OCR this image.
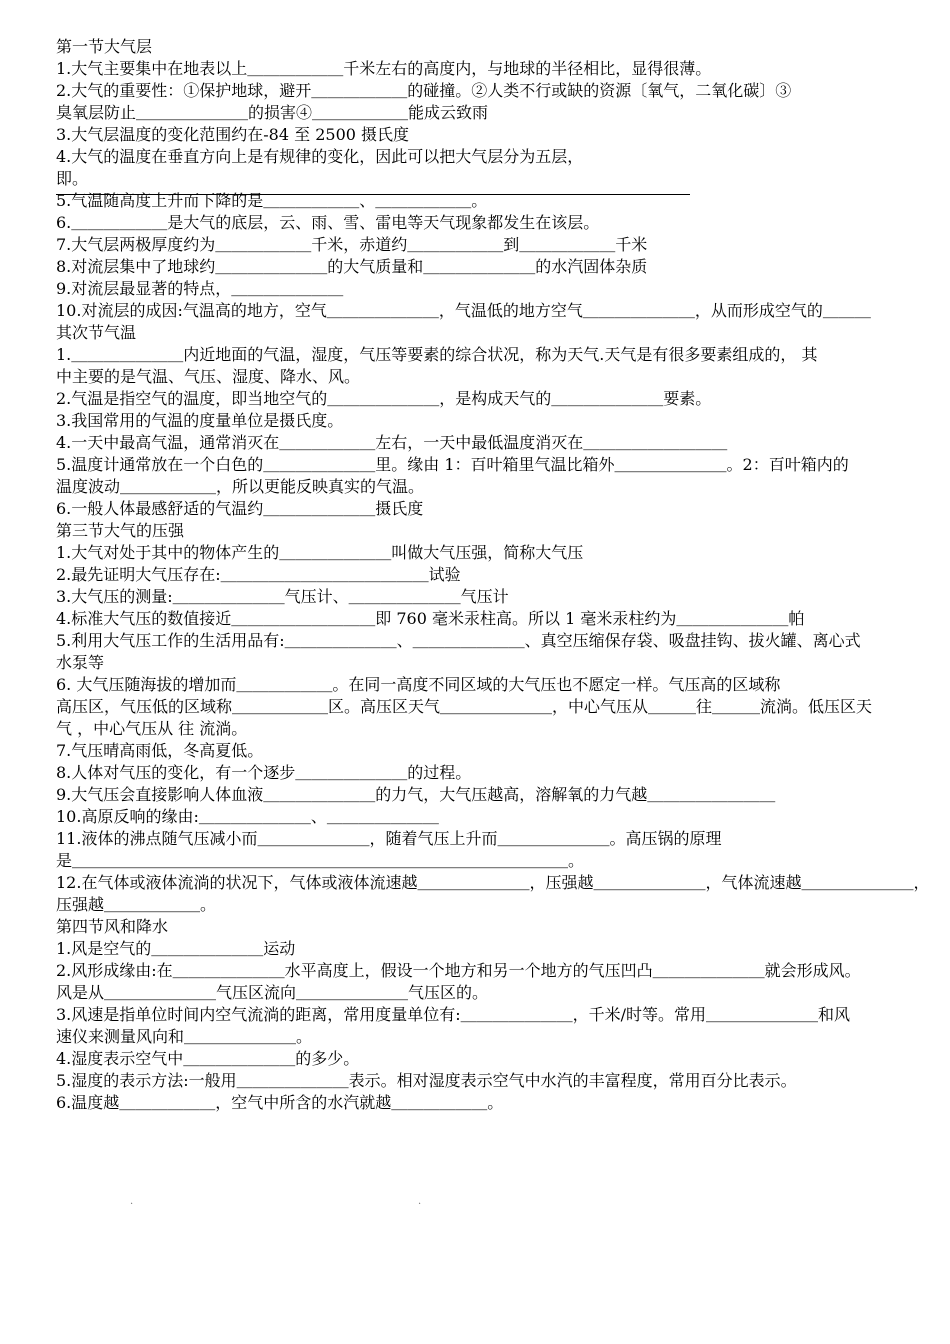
第一节大气层
1.大气主要集中在地表以上＿＿＿＿＿＿千米左右的高度内，与地球的半径相比，显得很薄。
2.大气的重要性：①保护地球，避开＿＿＿＿＿＿的碰撞。②人类不行或缺的资源〔氧气，二氧化碳〕③
臭氧层防止＿＿＿＿＿＿＿的损害④＿＿＿＿＿＿能成云致雨
3.大气层温度的变化范围约在-84 至 2500 摄氏度
4.大气的温度在垂直方向上是有规律的变化，因此可以把大气层分为五层，
即。
5.气温随高度上升而下降的是＿＿＿＿＿＿、＿＿＿＿＿＿。
6.＿＿＿＿＿＿是大气的底层，云、雨、雪、雷电等天气现象都发生在该层。
7.大气层两极厚度约为＿＿＿＿＿＿千米，赤道约＿＿＿＿＿＿到＿＿＿＿＿＿千米
8.对流层集中了地球约＿＿＿＿＿＿＿的大气质量和＿＿＿＿＿＿＿的水汽固体杂质
9.对流层最显著的特点，＿＿＿＿＿＿＿
10.对流层的成因:气温高的地方，空气＿＿＿＿＿＿＿，气温低的地方空气＿＿＿＿＿＿＿，从而形成空气的＿＿＿
其次节气温
1.＿＿＿＿＿＿＿内近地面的气温，湿度，气压等要素的综合状况，称为天气.天气是有很多要素组成的， 其
中主要的是气温、气压、湿度、降水、风。
2.气温是指空气的温度，即当地空气的＿＿＿＿＿＿＿，是构成天气的＿＿＿＿＿＿＿要素。
3.我国常用的气温的度量单位是摄氏度。
4.一天中最高气温，通常消灭在＿＿＿＿＿＿左右，一天中最低温度消灭在＿＿＿＿＿＿＿＿＿
5.温度计通常放在一个白色的＿＿＿＿＿＿＿里。缘由 1：百叶箱里气温比箱外＿＿＿＿＿＿＿。2：百叶箱内的
温度波动＿＿＿＿＿＿，所以更能反映真实的气温。
6.一般人体最感舒适的气温约＿＿＿＿＿＿＿摄氏度
第三节大气的压强
1.大气对处于其中的物体产生的＿＿＿＿＿＿＿叫做大气压强，简称大气压
2.最先证明大气压存在:＿＿＿＿＿＿＿＿＿＿＿＿＿试验
3.大气压的测量:＿＿＿＿＿＿＿气压计、＿＿＿＿＿＿＿气压计
4.标准大气压的数值接近＿＿＿＿＿＿＿＿＿即 760 毫米汞柱高。所以 1 毫米汞柱约为＿＿＿＿＿＿＿帕
5.利用大气压工作的生活用品有:＿＿＿＿＿＿＿、＿＿＿＿＿＿＿、真空压缩保存袋、吸盘挂钩、拔火罐、离心式
水泵等
6. 大气压随海拔的增加而＿＿＿＿＿＿。在同一高度不同区域的大气压也不愿定一样。气压高的区域称
高压区，气压低的区域称＿＿＿＿＿＿区。高压区天气＿＿＿＿＿＿＿，中心气压从＿＿＿往＿＿＿流淌。低压区天
气 ，中心气压从 往 流淌。
7.气压晴高雨低，冬高夏低。
8.人体对气压的变化，有一个逐步＿＿＿＿＿＿＿的过程。
9.大气压会直接影响人体血液＿＿＿＿＿＿＿的力气，大气压越高，溶解氧的力气越＿＿＿＿＿＿＿＿
10.高原反响的缘由:＿＿＿＿＿＿＿、＿＿＿＿＿＿＿
11.液体的沸点随气压减小而＿＿＿＿＿＿＿，随着气压上升而＿＿＿＿＿＿＿。高压锅的原理
是＿＿＿＿＿＿＿＿＿＿＿＿＿＿＿＿＿＿＿＿＿＿＿＿＿＿＿＿＿＿＿。
12.在气体或液体流淌的状况下，气体或液体流速越＿＿＿＿＿＿＿，压强越＿＿＿＿＿＿＿，气体流速越＿＿＿＿＿＿＿，
压强越＿＿＿＿＿＿。
第四节风和降水
1.风是空气的＿＿＿＿＿＿＿运动
2.风形成缘由:在＿＿＿＿＿＿＿水平高度上，假设一个地方和另一个地方的气压凹凸＿＿＿＿＿＿＿就会形成风。
风是从＿＿＿＿＿＿＿气压区流向＿＿＿＿＿＿＿气压区的。
3.风速是指单位时间内空气流淌的距离，常用度量单位有:＿＿＿＿＿＿＿，千米/时等。常用＿＿＿＿＿＿＿和风
速仪来测量风向和＿＿＿＿＿＿＿。
4.湿度表示空气中＿＿＿＿＿＿＿的多少。
5.湿度的表示方法:一般用＿＿＿＿＿＿＿表示。相对湿度表示空气中水汽的丰富程度，常用百分比表示。
6.温度越＿＿＿＿＿＿，空气中所含的水汽就越＿＿＿＿＿＿。
.	.
